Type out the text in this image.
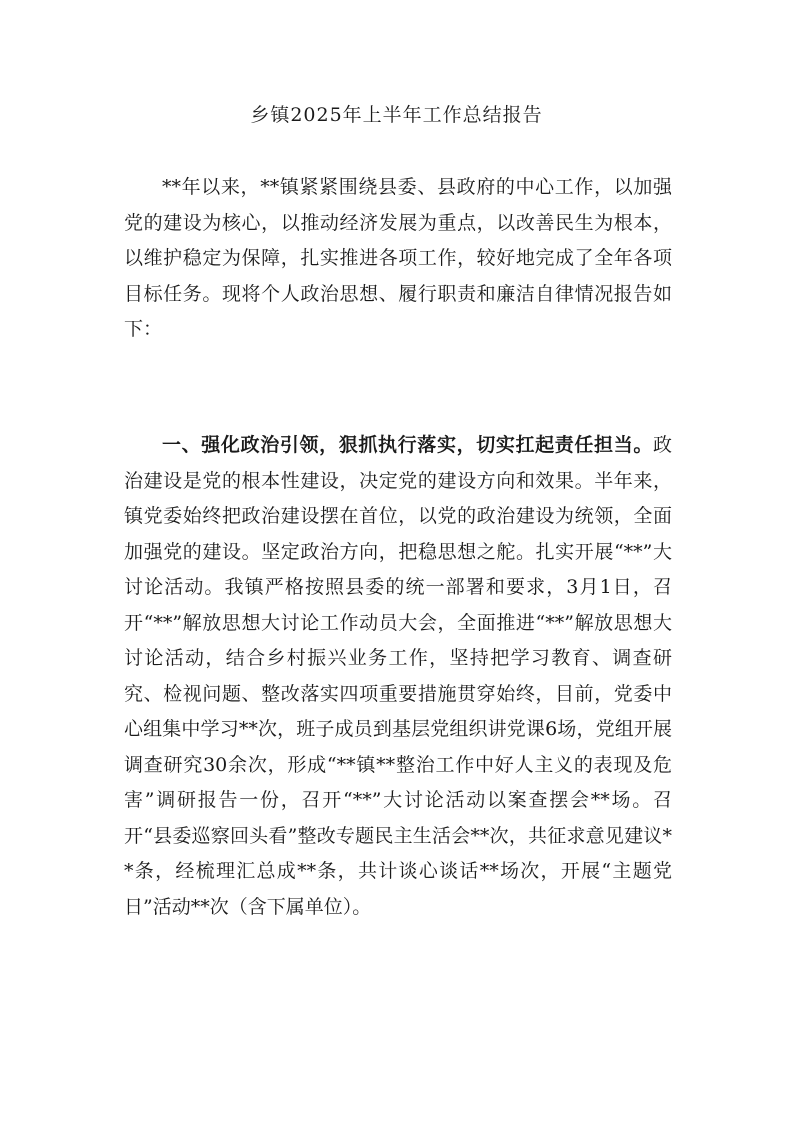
乡镇2025年上半年工作总结报告
**年以来，**镇紧紧围绕县委、县政府的中心工作，以加强党的建设为核心，以推动经济发展为重点，以改善民生为根本，以维护稳定为保障，扎实推进各项工作，较好地完成了全年各项目标任务。现将个人政治思想、履行职责和廉洁自律情况报告如下：
一、强化政治引领，狠抓执行落实，切实扛起责任担当。政治建设是党的根本性建设，决定党的建设方向和效果。半年来，镇党委始终把政治建设摆在首位，以党的政治建设为统领，全面加强党的建设。坚定政治方向，把稳思想之舵。扎实开展“**”大讨论活动。我镇严格按照县委的统一部署和要求，3月1日，召开“**”解放思想大讨论工作动员大会，全面推进“**”解放思想大讨论活动，结合乡村振兴业务工作，坚持把学习教育、调查研究、检视问题、整改落实四项重要措施贯穿始终，目前，党委中心组集中学习**次，班子成员到基层党组织讲党课6场，党组开展调查研究30余次，形成“**镇**整治工作中好人主义的表现及危害”调研报告一份，召开“**”大讨论活动以案查摆会**场。召开“县委巡察回头看”整改专题民主生活会**次，共征求意见建议**条，经梳理汇总成**条，共计谈心谈话**场次，开展“主题党日”活动**次（含下属单位）。
